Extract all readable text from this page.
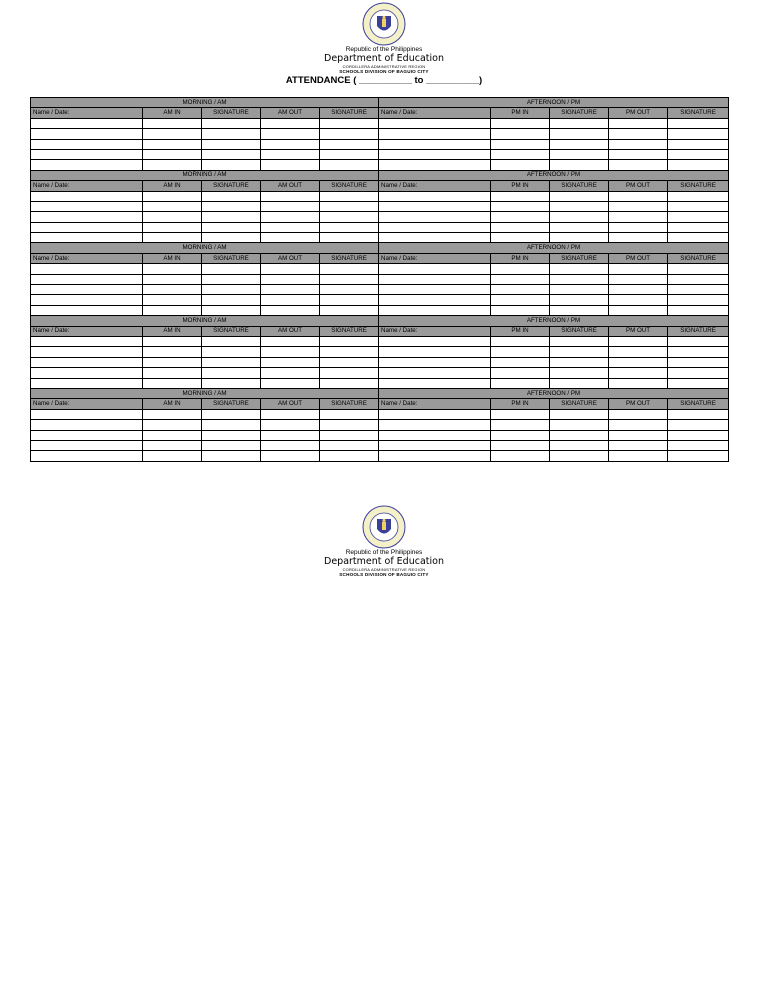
Republic of the Philippines
Department of Education
CORDILLERA ADMINISTRATIVE REGION
SCHOOLS DIVISION OF BAGUIO CITY
ATTENDANCE ( __________ to __________)
MORNING / AM					AFTERNOON / PM				
Name / Date:	AM IN	SIGNATURE	AM OUT	SIGNATURE	Name / Date:	PM IN	SIGNATURE	PM OUT	SIGNATURE

MORNING / AM					AFTERNOON / PM				
Name / Date:	AM IN	SIGNATURE	AM OUT	SIGNATURE	Name / Date:	PM IN	SIGNATURE	PM OUT	SIGNATURE

MORNING / AM					AFTERNOON / PM				
Name / Date:	AM IN	SIGNATURE	AM OUT	SIGNATURE	Name / Date:	PM IN	SIGNATURE	PM OUT	SIGNATURE

MORNING / AM					AFTERNOON / PM				
Name / Date:	AM IN	SIGNATURE	AM OUT	SIGNATURE	Name / Date:	PM IN	SIGNATURE	PM OUT	SIGNATURE

MORNING / AM					AFTERNOON / PM				
Name / Date:	AM IN	SIGNATURE	AM OUT	SIGNATURE	Name / Date:	PM IN	SIGNATURE	PM OUT	SIGNATURE

Republic of the Philippines
Department of Education
CORDILLERA ADMINISTRATIVE REGION
SCHOOLS DIVISION OF BAGUIO CITY
